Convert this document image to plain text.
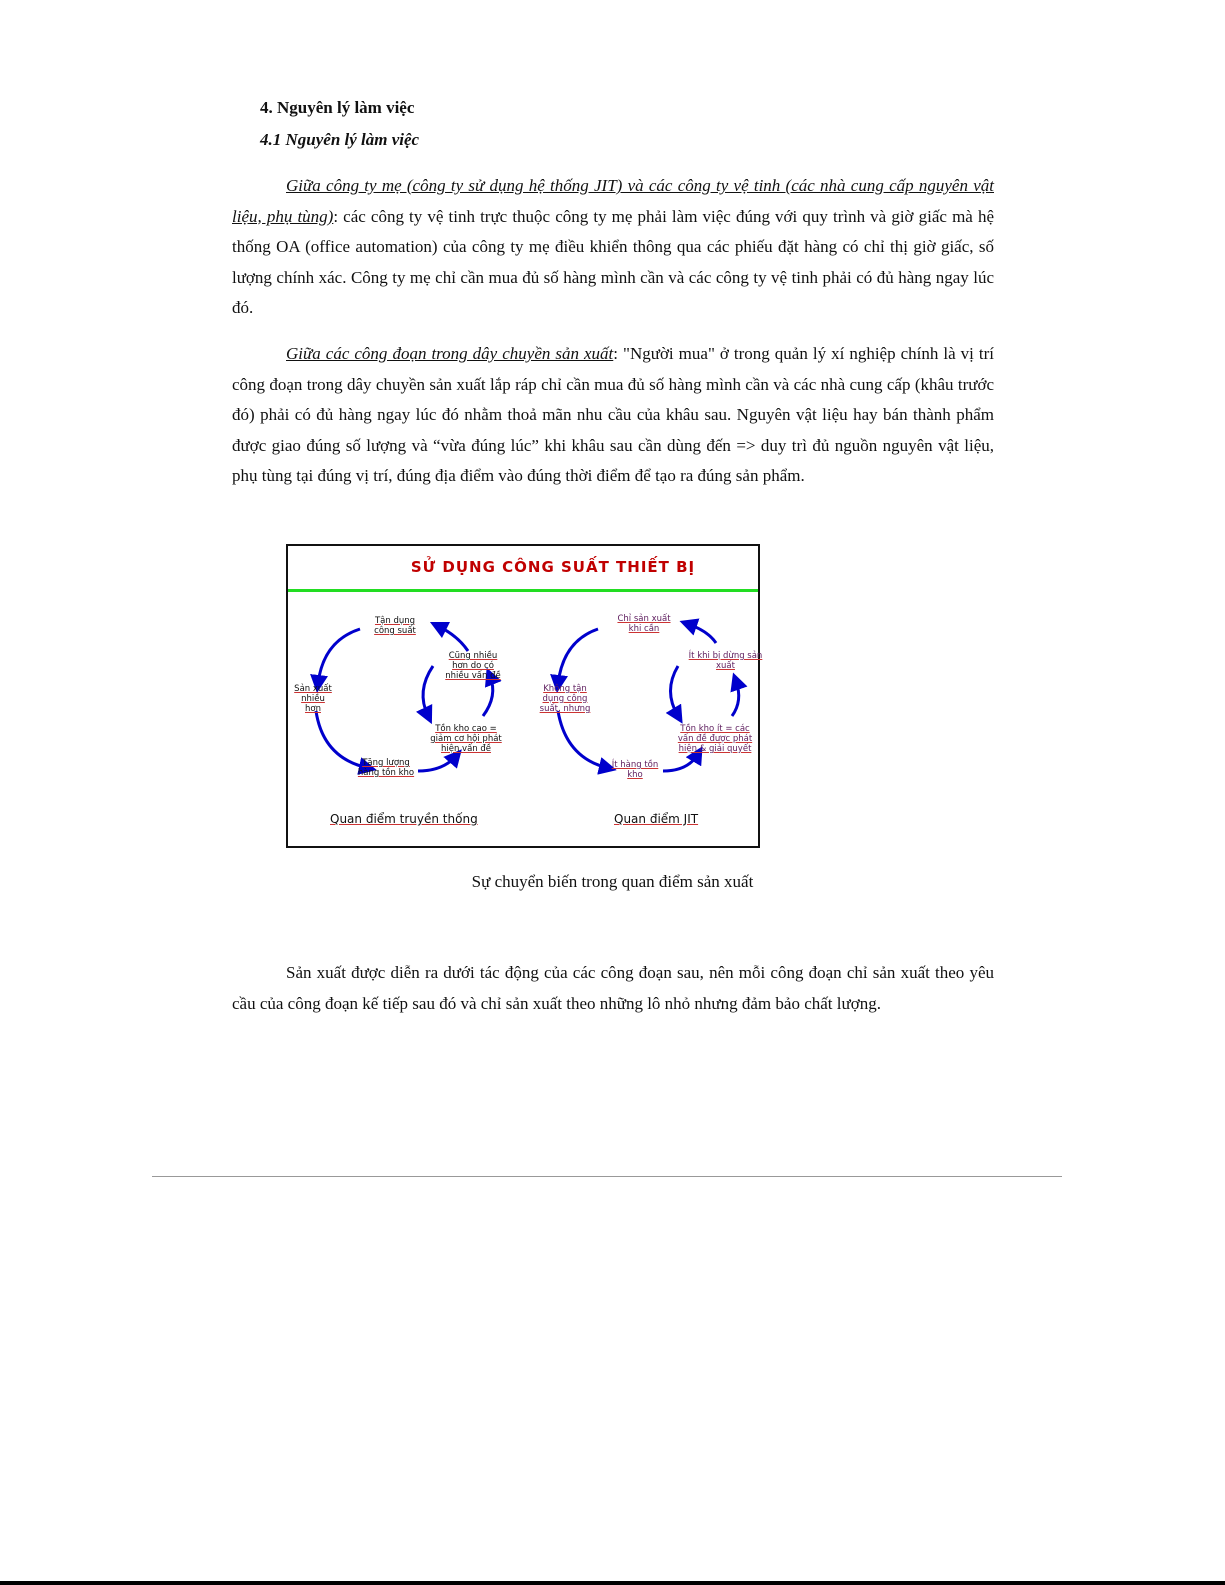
4. Nguyên lý làm việc
4.1 Nguyên lý làm việc
Giữa công ty mẹ (công ty sử dụng hệ thống JIT) và các công ty vệ tinh (các nhà cung cấp nguyên vật liệu, phụ tùng): các công ty vệ tinh trực thuộc công ty mẹ phải làm việc đúng với quy trình và giờ giấc mà hệ thống OA (office automation) của công ty mẹ điều khiển thông qua các phiếu đặt hàng có chỉ thị giờ giấc, số lượng chính xác. Công ty mẹ chỉ cần mua đủ số hàng mình cần và các công ty vệ tinh phải có đủ hàng ngay lúc đó.
Giữa các công đoạn trong dây chuyền sản xuất: "Người mua" ở trong quản lý xí nghiệp chính là vị trí công đoạn trong dây chuyền sản xuất lắp ráp chỉ cần mua đủ số hàng mình cần và các nhà cung cấp (khâu trước đó) phải có đủ hàng ngay lúc đó nhằm thoả mãn nhu cầu của khâu sau. Nguyên vật liệu hay bán thành phẩm được giao đúng số lượng và “vừa đúng lúc” khi khâu sau cần dùng đến => duy trì đủ nguồn nguyên vật liệu, phụ tùng tại đúng vị trí, đúng địa điểm vào đúng thời điểm để tạo ra đúng sản phẩm.
SỬ DỤNG CÔNG SUẤT THIẾT BỊ
Tận dụng công suất
Cũng nhiều hơn do có nhiều vấn đề
Sản xuất nhiều hơn
Tồn kho cao = giảm cơ hội phát hiện vấn đề
Tăng lượng hàng tồn kho
Quan điểm truyền thống
Chỉ sản xuất khi cần
Ít khi bị dừng sản xuất
Không tận dụng công suất, nhưng
Tồn kho ít = các vấn đề được phát hiện & giải quyết
Ít hàng tồn kho
Quan điểm JIT
Sự chuyển biến trong quan điểm sản xuất
Sản xuất được diễn ra dưới tác động của các công đoạn sau, nên mỗi công đoạn chỉ sản xuất theo yêu cầu của công đoạn kế tiếp sau đó và chỉ sản xuất theo những lô nhỏ nhưng đảm bảo chất lượng.
